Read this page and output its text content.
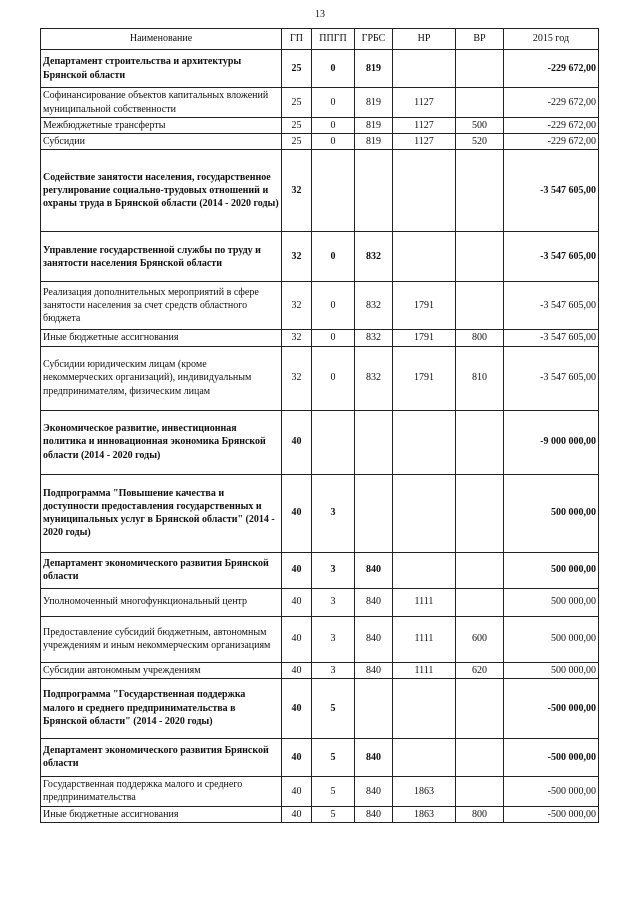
13
Наименование	ГП	ППГП	ГРБС	НР	ВР	2015 год
Департамент строительства и архитектуры Брянской области	25	0	819			-229 672,00
Софинансирование объектов капитальных вложений муниципальной собственности	25	0	819	1127		-229 672,00
Межбюджетные трансферты	25	0	819	1127	500	-229 672,00
Субсидии	25	0	819	1127	520	-229 672,00
Содействие занятости населения, государственное регулирование социально-трудовых отношений и охраны труда в Брянской области (2014 - 2020 годы)	32					-3 547 605,00
Управление государственной службы по труду и занятости населения Брянской области	32	0	832			-3 547 605,00
Реализация дополнительных мероприятий в сфере занятости населения за счет средств областного бюджета	32	0	832	1791		-3 547 605,00
Иные бюджетные ассигнования	32	0	832	1791	800	-3 547 605,00
Субсидии юридическим лицам (кроме некоммерческих организаций), индивидуальным предпринимателям, физическим лицам	32	0	832	1791	810	-3 547 605,00
Экономическое развитие, инвестиционная политика и инновационная экономика Брянской области (2014 - 2020 годы)	40					-9 000 000,00
Подпрограмма "Повышение качества и доступности предоставления государственных и муниципальных услуг в Брянской области" (2014 - 2020 годы)	40	3				500 000,00
Департамент экономического развития Брянской области	40	3	840			500 000,00
Уполномоченный многофункциональный центр	40	3	840	1111		500 000,00
Предоставление субсидий бюджетным, автономным учреждениям и иным некоммерческим организациям	40	3	840	1111	600	500 000,00
Субсидии автономным учреждениям	40	3	840	1111	620	500 000,00
Подпрограмма "Государственная поддержка малого и среднего предпринимательства в Брянской области" (2014 - 2020 годы)	40	5				-500 000,00
Департамент экономического развития Брянской области	40	5	840			-500 000,00
Государственная поддержка малого и среднего предпринимательства	40	5	840	1863		-500 000,00
Иные бюджетные ассигнования	40	5	840	1863	800	-500 000,00
